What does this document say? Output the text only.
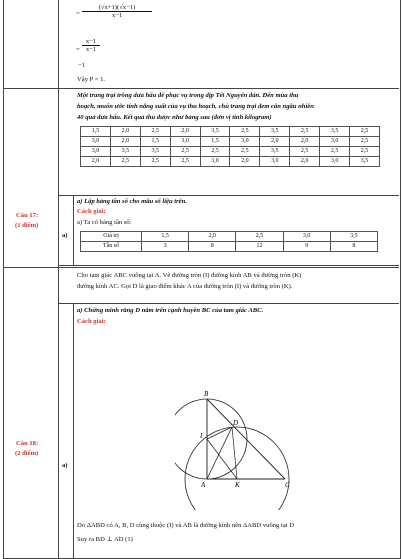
$\frac{(√x+1)(√x-1)}{x-1}$
=
= $\frac{x-1}{x-1}$
−1
Vậy P = 1.
Câu 17:
(1 điểm)
Một trang trại trồng dưa hấu để phục vụ trong dịp Tết Nguyên đán. Đến mùa thu
hoạch, muốn ước tính năng suất của vụ thu hoạch, chủ trang trại đem cân ngẫu nhiên
40 quả dưa hấu. Kết quả thu được như bảng sau (đơn vị tính kilogram)
1,5	2,0	2,5	2,0	3,5	2,5	3,5	2,5	3,5	2,5
3,0	2,0	1,5	3,0	1,5	3,0	2,0	2,0	3,0	2,5
3,0	3,5	3,5	2,5	2,5	2,5	3,5	2,5	2,5	2,5
2,0	2,5	2,5	2,5	3,0	2,0	3,0	2,0	3,0	3,5
a)
a) Lập bảng tần số cho mẫu số liệu trên.
Cách giải:
a) Ta có bảng tần số:
Giá trị	1,5	2,0	2,5	3,0	3,5
Tần số	3	8	12	9	8
Câu 18:
(2 điểm)
Cho tam giác ABC vuông tại A. Vẽ đường tròn (I) đường kính AB và đường tròn (K)
đường kính AC. Gọi D là giao điểm khác A của đường tròn (I) và đường tròn (K).
a)
a) Chứng minh rằng D nằm trên cạnh huyền BC của tam giác ABC.
Cách giải:
B
D
I
A	K	C
Do ΔABD có A, B, D cùng thuộc (I) và AB là đường kính nên ΔABD vuông tại D
Suy ra BD ⊥ AD (1)
